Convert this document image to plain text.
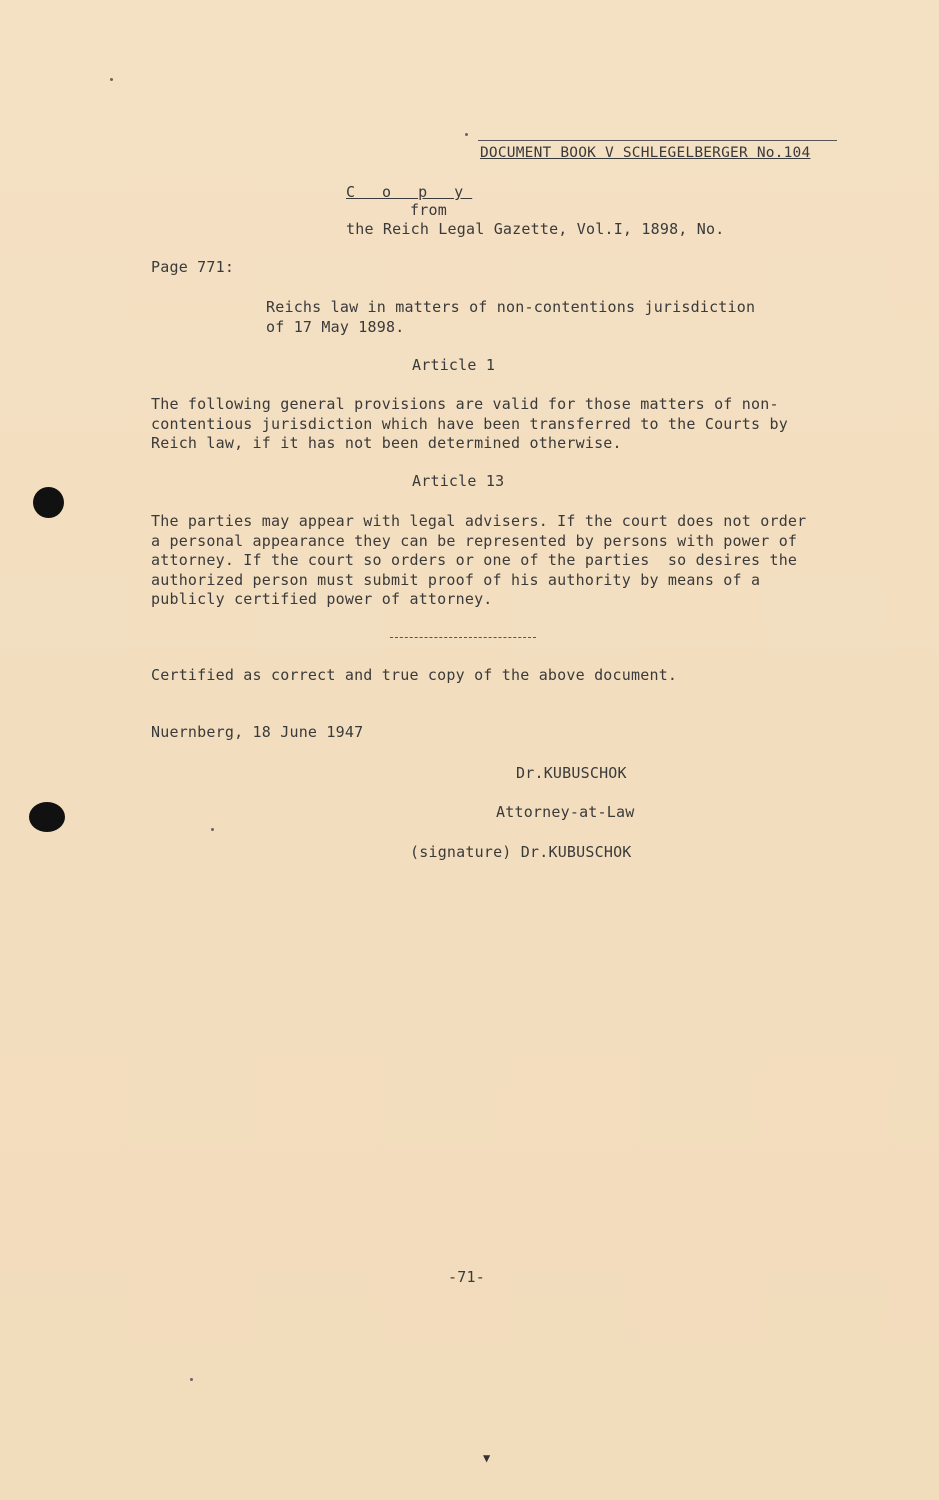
DOCUMENT BOOK V SCHLEGELBERGER No.104
C o p y
from
the Reich Legal Gazette, Vol.I, 1898, No.
Page 771:
Reichs law in matters of non-contentions jurisdiction
of 17 May 1898.
Article 1
The following general provisions are valid for those matters of non-
contentious jurisdiction which have been transferred to the Courts by
Reich law, if it has not been determined otherwise.
Article 13
The parties may appear with legal advisers. If the court does not order
a personal appearance they can be represented by persons with power of
attorney. If the court so orders or one of the parties  so desires the
authorized person must submit proof of his authority by means of a
publicly certified power of attorney.
Certified as correct and true copy of the above document.
Nuernberg, 18 June 1947
Dr.KUBUSCHOK
Attorney-at-Law
(signature) Dr.KUBUSCHOK
-71-
▼
